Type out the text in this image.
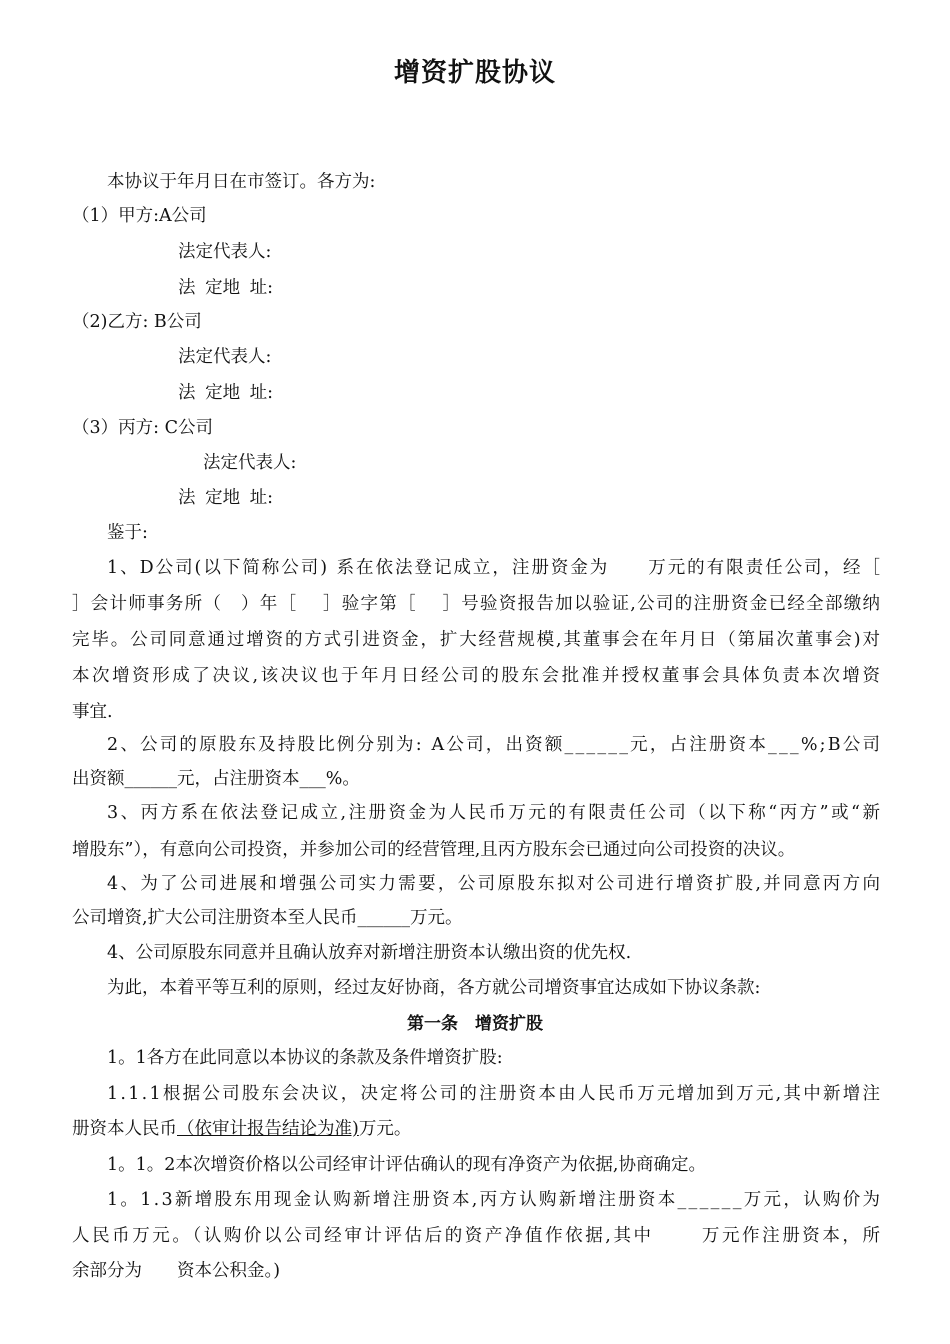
增资扩股协议
本协议于年月日在市签订。各方为:
（1）甲方:A公司
法定代表人:
法 定地 址:
（2)乙方: B公司
法定代表人:
法 定地 址:
（3）丙方: C公司
法定代表人:
法 定地 址:
鉴于:
1、D公司(以下简称公司) 系在依法登记成立，注册资金为　　万元的有限责任公司，经［
］会计师事务所（　）年［　 ］验字第［　 ］号验资报告加以验证,公司的注册资金已经全部缴纳
完毕。公司同意通过增资的方式引进资金，扩大经营规模,其董事会在年月日（第届次董事会)对
本次增资形成了决议,该决议也于年月日经公司的股东会批准并授权董事会具体负责本次增资
事宜.
2、公司的原股东及持股比例分别为: A公司，出资额______元，占注册资本___%;B公司
出资额______元，占注册资本___%。
3、丙方系在依法登记成立,注册资金为人民币万元的有限责任公司（以下称“丙方”或“新
增股东”），有意向公司投资，并参加公司的经营管理,且丙方股东会已通过向公司投资的决议。
4、为了公司进展和增强公司实力需要，公司原股东拟对公司进行增资扩股,并同意丙方向
公司增资,扩大公司注册资本至人民币______万元。
4、公司原股东同意并且确认放弃对新增注册资本认缴出资的优先权.
为此，本着平等互利的原则，经过友好协商，各方就公司增资事宜达成如下协议条款:
第一条　增资扩股
1。1各方在此同意以本协议的条款及条件增资扩股:
1.1.1根据公司股东会决议，决定将公司的注册资本由人民币万元增加到万元,其中新增注
册资本人民币（依审计报告结论为准)万元。
1。1。2本次增资价格以公司经审计评估确认的现有净资产为依据,协商确定。
1。1.3新增股东用现金认购新增注册资本,丙方认购新增注册资本______万元，认购价为
人民币万元。（认购价以公司经审计评估后的资产净值作依据,其中　　 万元作注册资本，所
余部分为　　资本公积金。)
